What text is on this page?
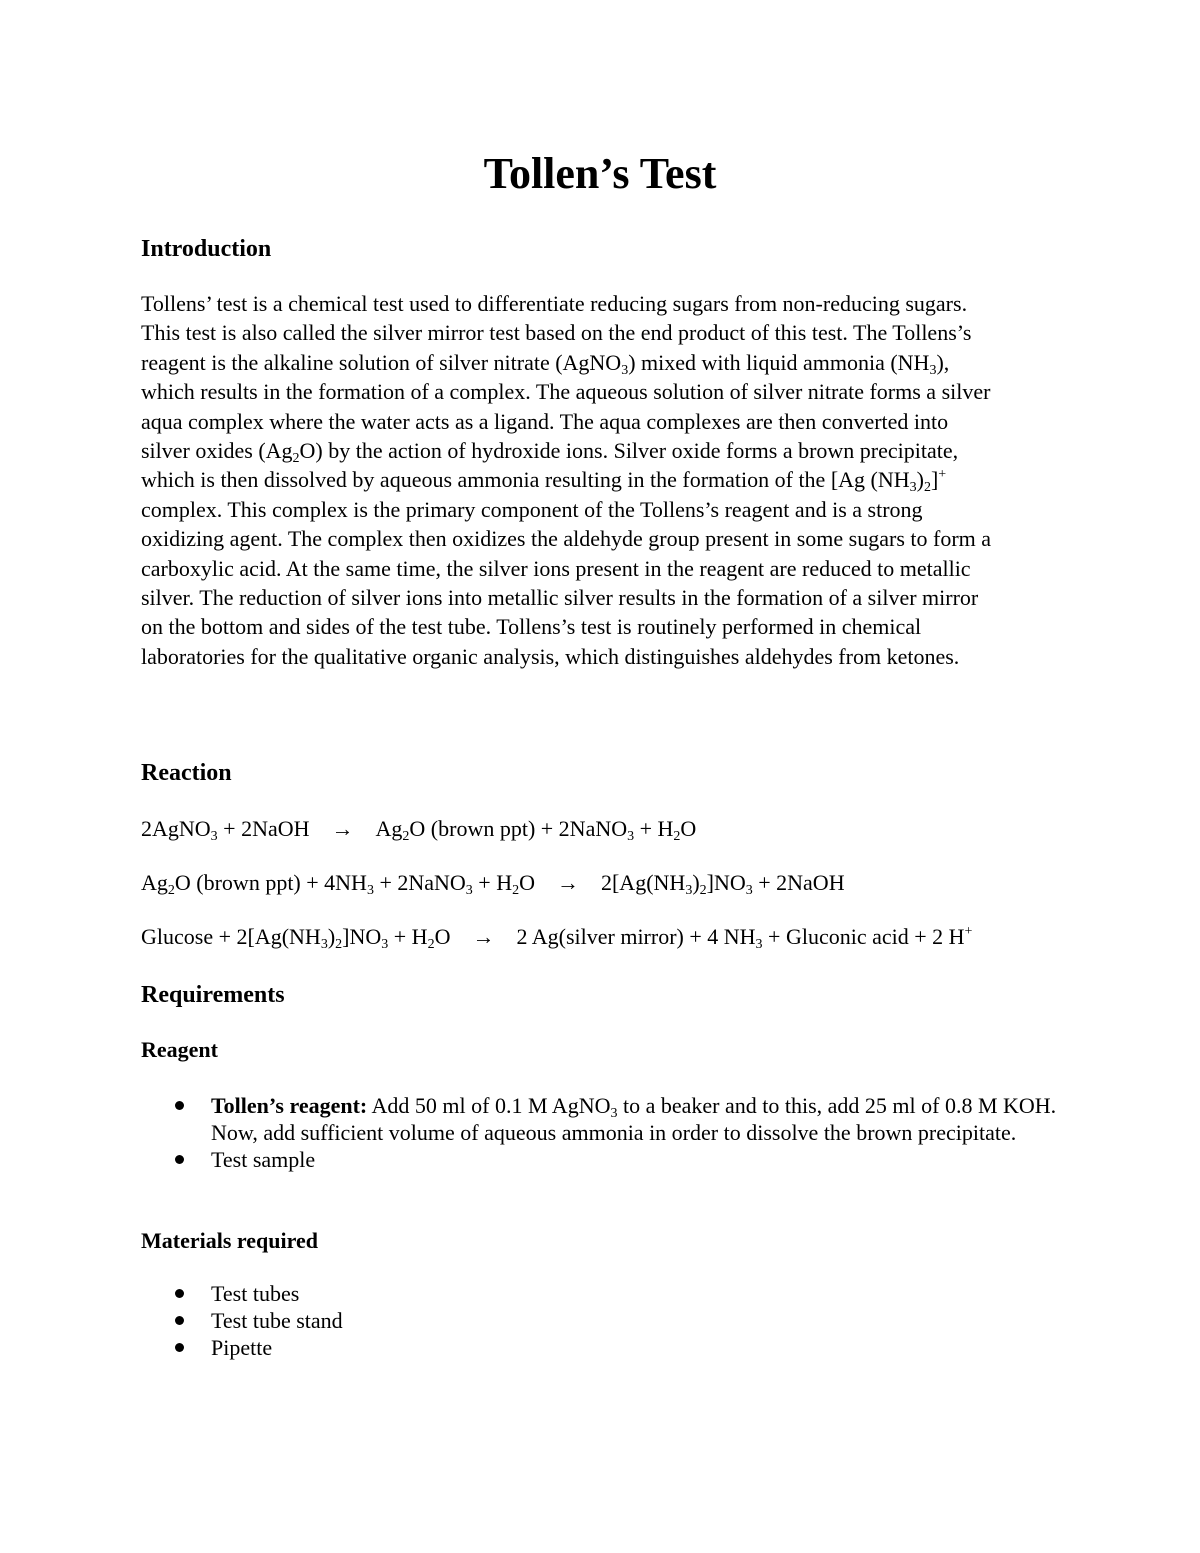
Tollen’s Test
Introduction
Tollens’ test is a chemical test used to differentiate reducing sugars from non-reducing sugars.
This test is also called the silver mirror test based on the end product of this test. The Tollens’s
reagent is the alkaline solution of silver nitrate (AgNO$_3$) mixed with liquid ammonia $(NH_3)$,
which results in the formation of a complex. The aqueous solution of silver nitrate forms a silver
aqua complex where the water acts as a ligand. The aqua complexes are then converted into
silver oxides $(Ag_2O)$ by the action of hydroxide ions. Silver oxide forms a brown precipitate,
which is then dissolved by aqueous ammonia resulting in the formation of the [Ag $(NH_3)_2]^+$
complex. This complex is the primary component of the Tollens’s reagent and is a strong
oxidizing agent. The complex then oxidizes the aldehyde group present in some sugars to form a
carboxylic acid. At the same time, the silver ions present in the reagent are reduced to metallic
silver. The reduction of silver ions into metallic silver results in the formation of a silver mirror
on the bottom and sides of the test tube. Tollens’s test is routinely performed in chemical
laboratories for the qualitative organic analysis, which distinguishes aldehydes from ketones.
Reaction

2AgNO$_3$ + 2NaOH → $Ag_2O$ (brown ppt) + 2NaNO$_3$ + $H_2O$

$Ag_2O$ (brown $ppt) + 4NH_3$ + 2NaNO$_3$ + $H_2O \to 2[Ag(NH_3)_2]NO_3$ + 2NaOH

$Glucose + 2[Ag(NH_3)_2]NO_3 + H_2O \to 2$ Ag(silver mirror) + 4 $NH_3$ + Gluconic acid + 2 H+

Requirements
Reagent
Tollen’s reagent: Add 50 ml of 0.1 M AgNO$_3$ to a beaker and to this, add 25 ml of 0.8 M KOH. Now, add sufficient volume of aqueous ammonia in order to dissolve the brown precipitate.
Test sample
Materials required
Test tubes
Test tube stand
Pipette
